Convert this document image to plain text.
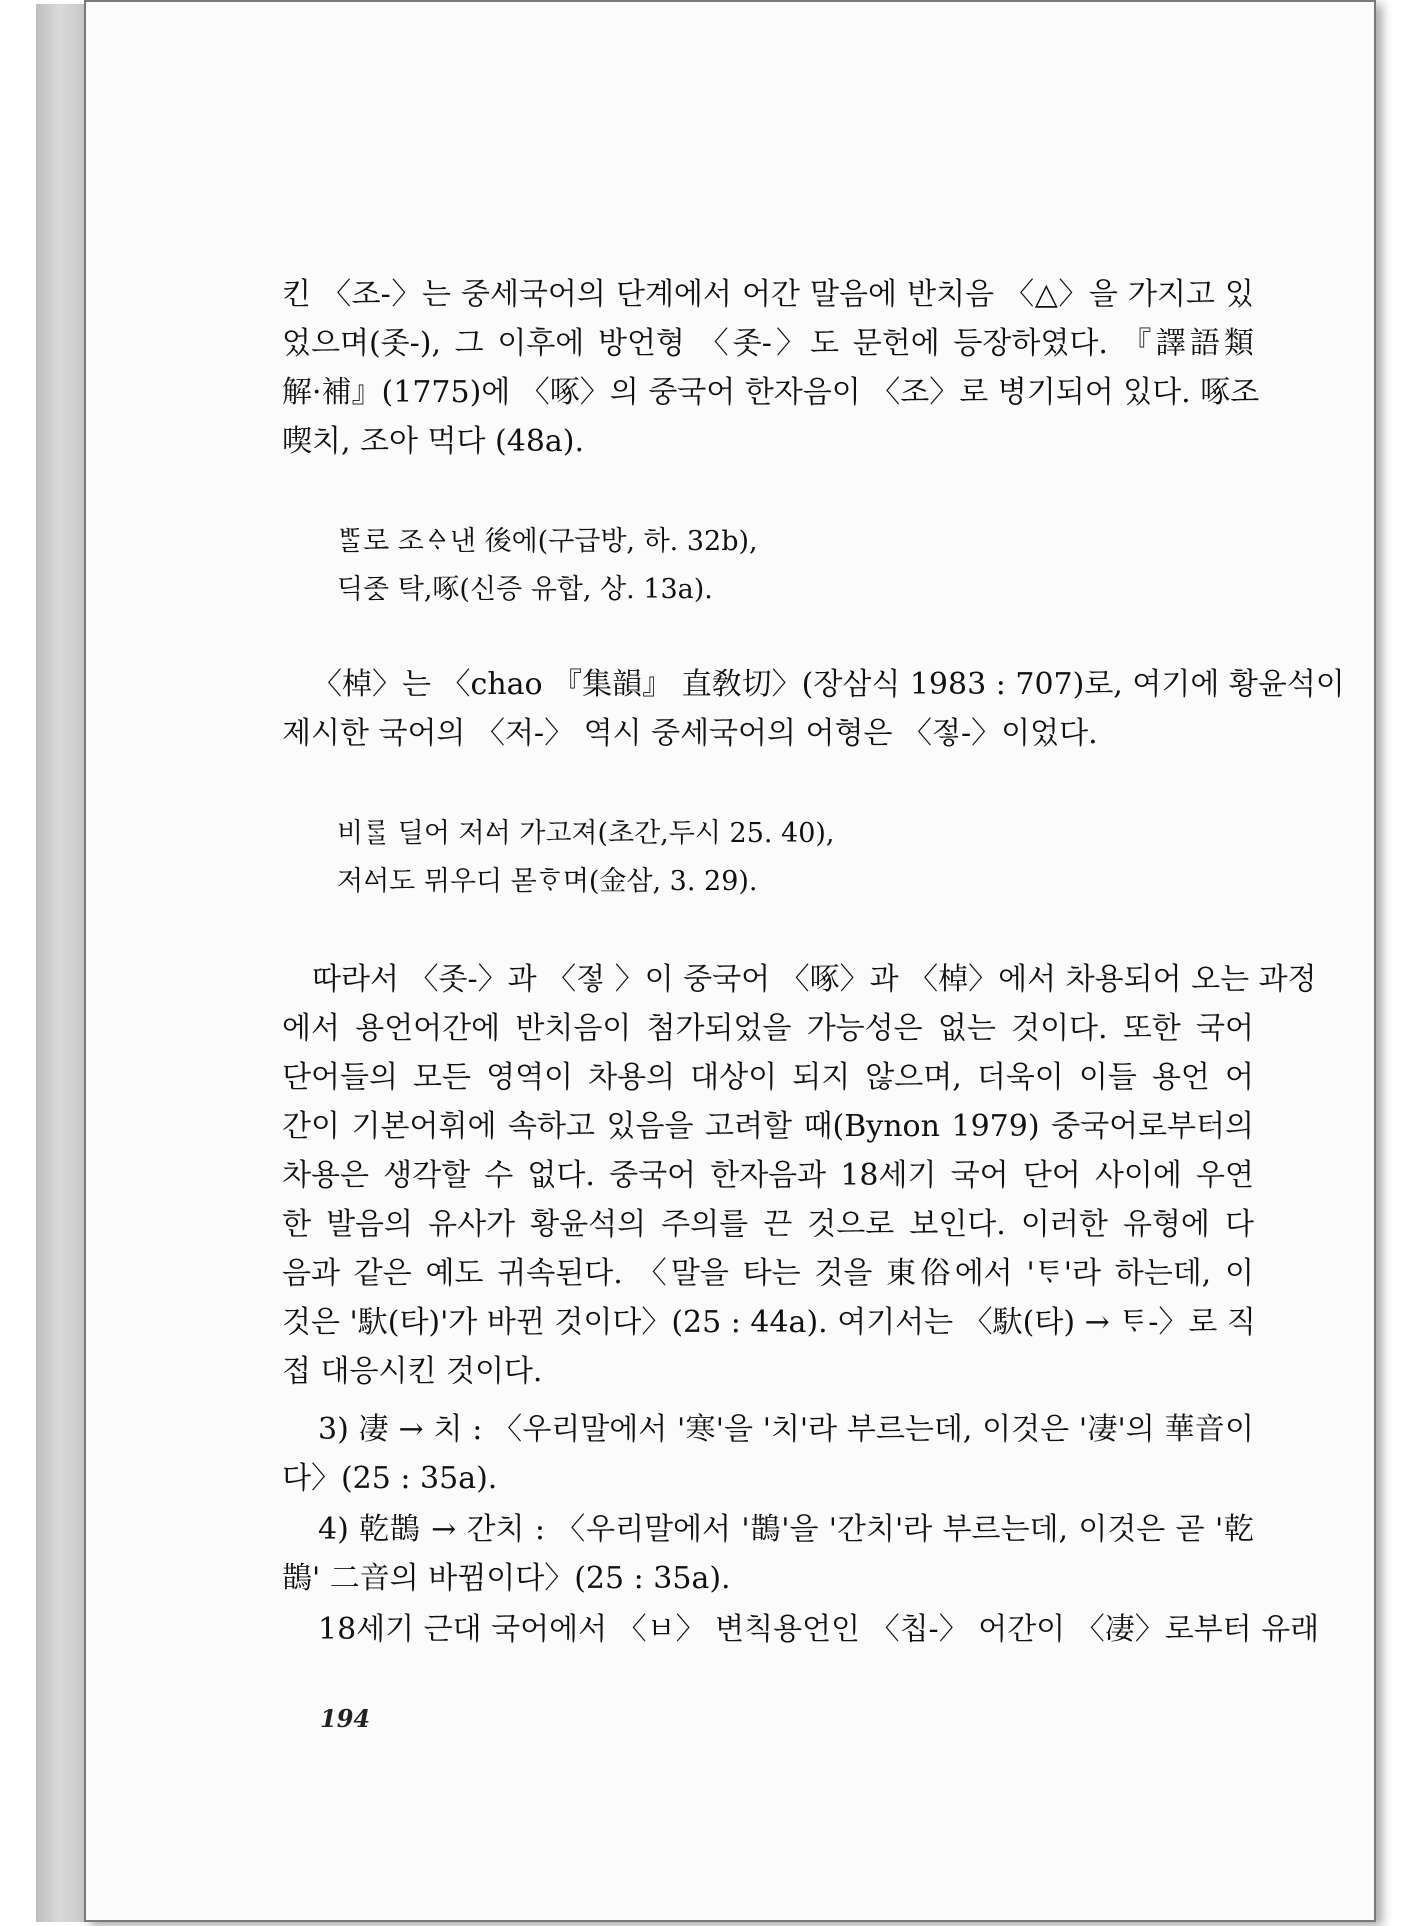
킨 〈조-〉는 중세국어의 단계에서 어간 말음에 반치음 〈△〉을 가지고 있
었으며(좃-), 그 이후에 방언형 〈좃-〉도 문헌에 등장하였다. 『譯語類
解·補』(1775)에 〈啄〉의 중국어 한자음이 〈조〉로 병기되어 있다. 啄조
喫치, 조아 먹다 (48a).

ᄠᆞᆯ로 조ᅀᆞ낸 後에(구급방, 하. 32b),
딕조ᇫ 탁,啄(신증 유합, 상. 13a).

〈棹〉는 〈chao 『集韻』 直敎切〉(장삼식 1983 : 707)로, 여기에 황윤석이
제시한 국어의 〈저-〉 역시 중세국어의 어형은 〈젛-〉이었다.

비ᄅᆞᆯ 딜어 저ᅀᅥ 가고져(초간,두시 25. 40),
저ᅀᅥ도 뮈우디 몯ᄒᆞ며(金삼, 3. 29).

따라서 〈좃-〉과 〈젛 〉이 중국어 〈啄〉과 〈棹〉에서 차용되어 오는 과정
에서 용언어간에 반치음이 첨가되었을 가능성은 없는 것이다. 또한 국어
단어들의 모든 영역이 차용의 대상이 되지 않으며, 더욱이 이들 용언 어
간이 기본어휘에 속하고 있음을 고려할 때(Bynon 1979) 중국어로부터의
차용은 생각할 수 없다. 중국어 한자음과 18세기 국어 단어 사이에 우연
한 발음의 유사가 황윤석의 주의를 끈 것으로 보인다. 이러한 유형에 다
음과 같은 예도 귀속된다. 〈말을 타는 것을 東俗에서 'ᄐᆞ'라 하는데, 이
것은 '馱(타)'가 바뀐 것이다〉(25 : 44a). 여기서는 〈馱(타) → ᄐᆞ-〉로 직
접 대응시킨 것이다.

3) 凄 → 치 : 〈우리말에서 '寒'을 '치'라 부르는데, 이것은 '凄'의 華音이
다〉(25 : 35a).

4) 乾鵲 → 간치 : 〈우리말에서 '鵲'을 '간치'라 부르는데, 이것은 곧 '乾
鵲' 二音의 바뀜이다〉(25 : 35a).

18세기 근대 국어에서 〈ㅂ〉 변칙용언인 〈칩-〉 어간이 〈凄〉로부터 유래

194
